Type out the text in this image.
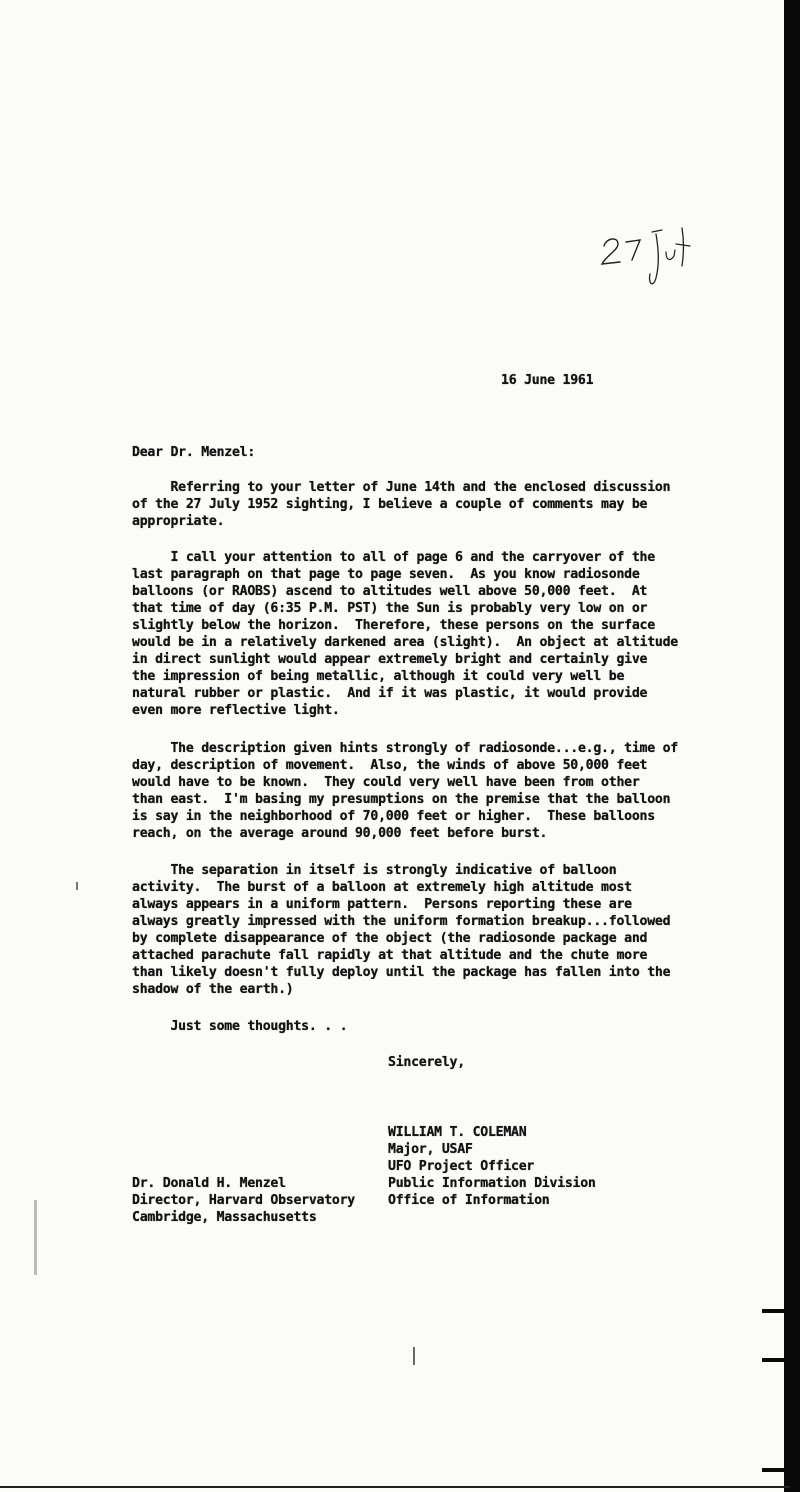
16 June 1961
Dear Dr. Menzel:
Referring to your letter of June 14th and the enclosed discussion
of the 27 July 1952 sighting, I believe a couple of comments may be
appropriate.
I call your attention to all of page 6 and the carryover of the
last paragraph on that page to page seven.  As you know radiosonde
balloons (or RAOBS) ascend to altitudes well above 50,000 feet.  At
that time of day (6:35 P.M. PST) the Sun is probably very low on or
slightly below the horizon.  Therefore, these persons on the surface
would be in a relatively darkened area (slight).  An object at altitude
in direct sunlight would appear extremely bright and certainly give
the impression of being metallic, although it could very well be
natural rubber or plastic.  And if it was plastic, it would provide
even more reflective light.
The description given hints strongly of radiosonde...e.g., time of
day, description of movement.  Also, the winds of above 50,000 feet
would have to be known.  They could very well have been from other
than east.  I'm basing my presumptions on the premise that the balloon
is say in the neighborhood of 70,000 feet or higher.  These balloons
reach, on the average around 90,000 feet before burst.
The separation in itself is strongly indicative of balloon
activity.  The burst of a balloon at extremely high altitude most
always appears in a uniform pattern.  Persons reporting these are
always greatly impressed with the uniform formation breakup...followed
by complete disappearance of the object (the radiosonde package and
attached parachute fall rapidly at that altitude and the chute more
than likely doesn't fully deploy until the package has fallen into the
shadow of the earth.)
Just some thoughts. . .
Sincerely,
WILLIAM T. COLEMAN
Major, USAF
UFO Project Officer
Public Information Division
Office of Information
Dr. Donald H. Menzel
Director, Harvard Observatory
Cambridge, Massachusetts
